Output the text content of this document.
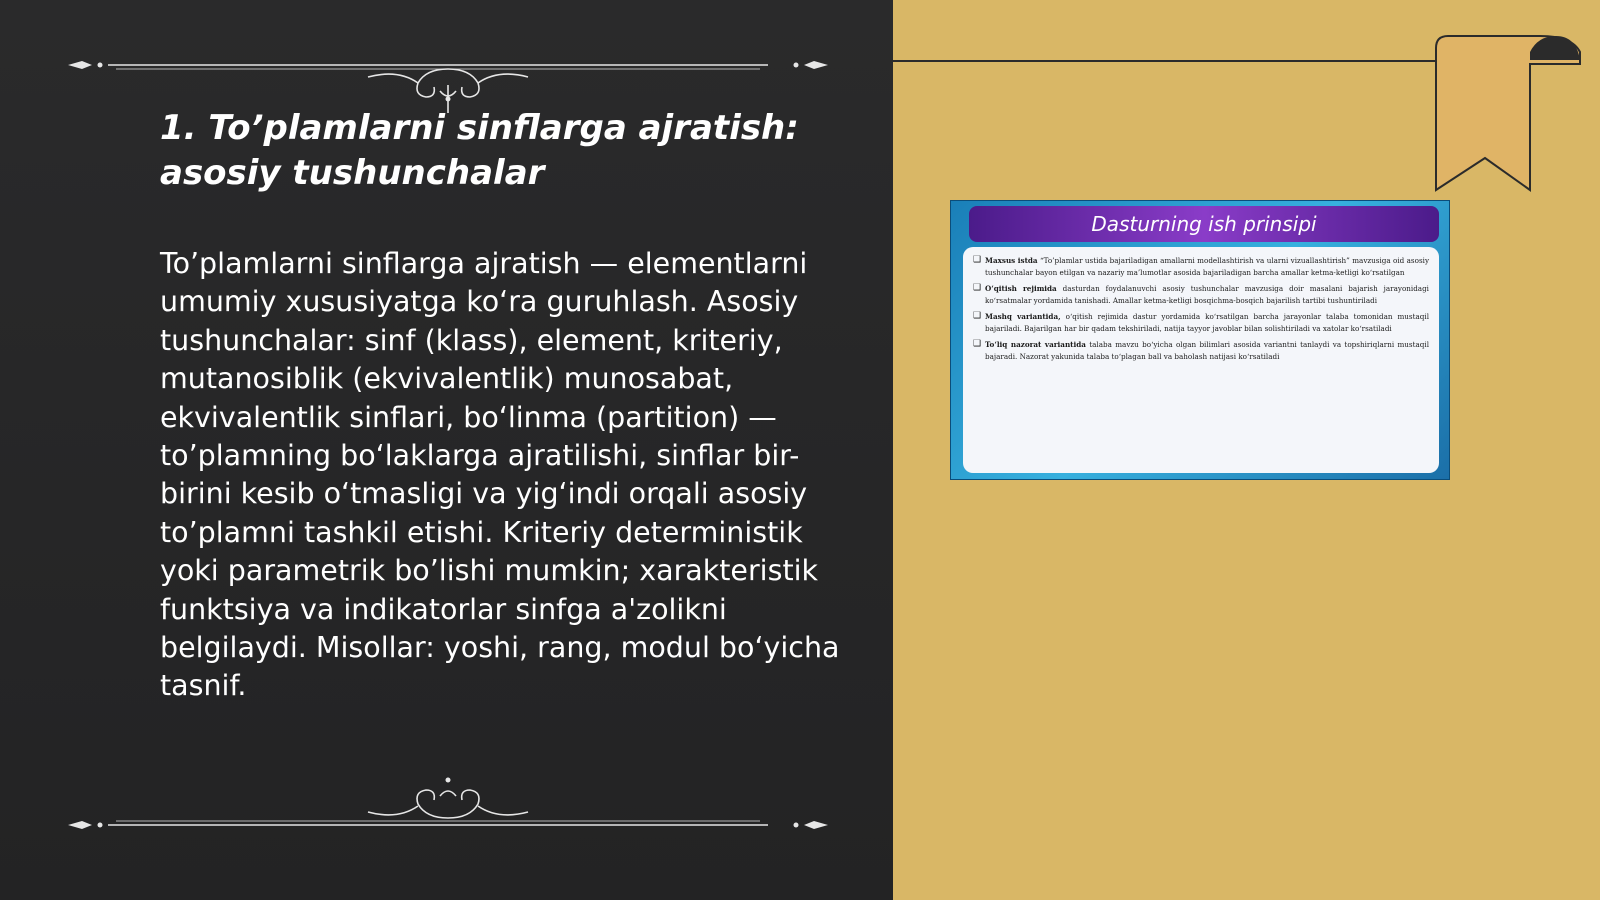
1. To’plamlarni sinflarga ajratish: asosiy tushunchalar
To’plamlarni sinflarga ajratish — elementlarni umumiy xususiyatga ko‘ra guruhlash. Asosiy tushunchalar: sinf (klass), element, kriteriy, mutanosiblik (ekvivalentlik) munosabat, ekvivalentlik sinflari, bo‘linma (partition) — to’plamning bo‘laklarga ajratilishi, sinflar bir-birini kesib o‘tmasligi va yig‘indi orqali asosiy to’plamni tashkil etishi. Kriteriy deterministik yoki parametrik bo’lishi mumkin; xarakteristik funktsiya va indikatorlar sinfga a'zolikni belgilaydi. Misollar: yoshi, rang, modul bo‘yicha tasnif.
Dasturning ish prinsipi
❑ Maxsus istda “To’plamlar ustida bajariladigan amallarni modellashtirish va ularni vizuallashtirish” mavzusiga oid asosiy tushunchalar bayon etilgan va nazariy ma’lumotlar asosida bajariladigan barcha amallar ketma-ketligi ko‘rsatilgan
❑ O‘qitish rejimida dasturdan foydalanuvchi asosiy tushunchalar mavzusiga doir masalani bajarish jarayonidagi ko‘rsatmalar yordamida tanishadi. Amallar ketma-ketligi bosqichma-bosqich bajarilish tartibi tushuntiriladi
❑ Mashq variantida, o‘qitish rejimida dastur yordamida ko‘rsatilgan barcha jarayonlar talaba tomonidan mustaqil bajariladi. Bajarilgan har bir qadam tekshiriladi, natija tayyor javoblar bilan solishtiriladi va xatolar ko‘rsatiladi
❑ To‘liq nazorat variantida talaba mavzu bo‘yicha olgan bilimlari asosida variantni tanlaydi va topshiriqlarni mustaqil bajaradi. Nazorat yakunida talaba to‘plagan ball va baholash natijasi ko‘rsatiladi
